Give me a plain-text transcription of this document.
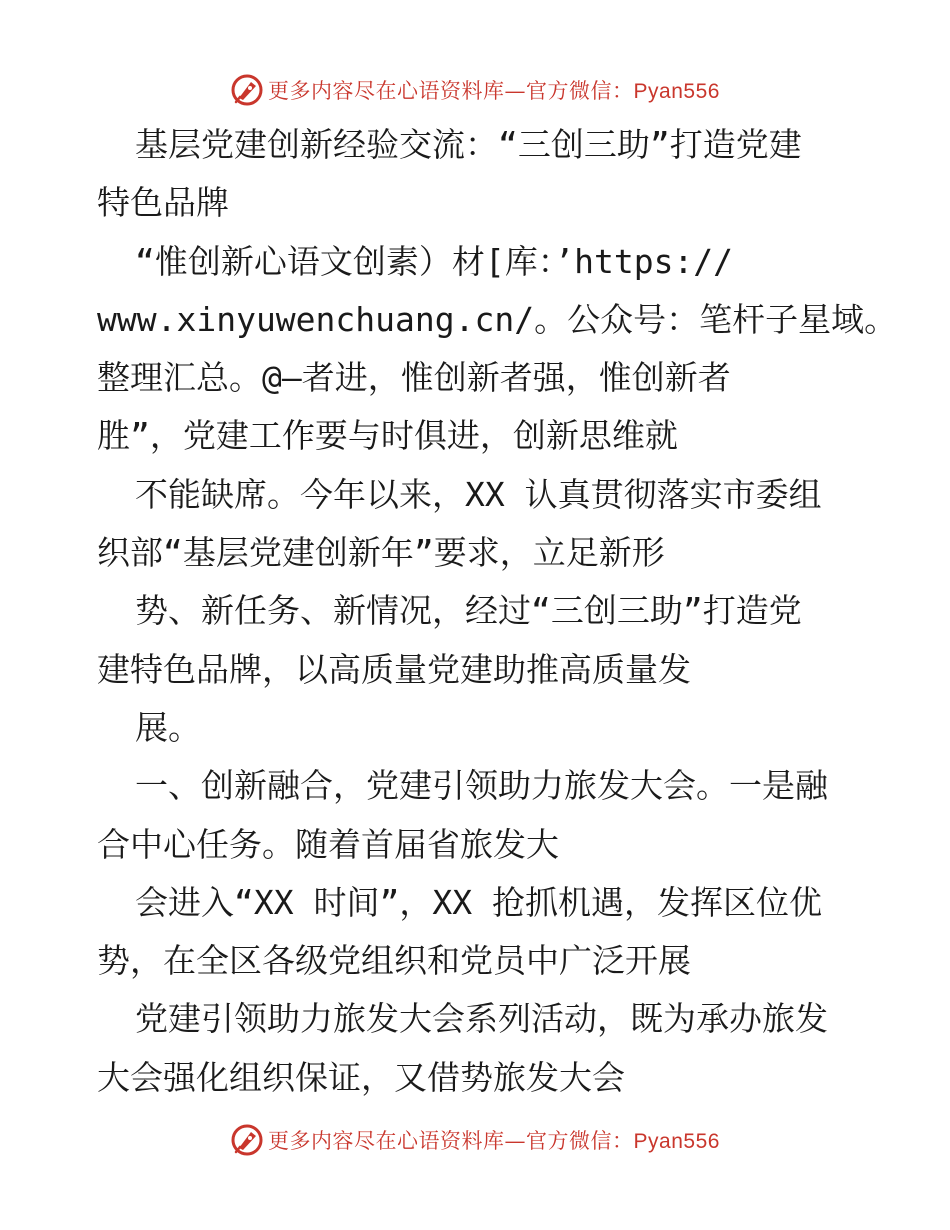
更多内容尽在心语资料库—官方微信：Pyan556
基层党建创新经验交流：“三创三助”打造党建
特色品牌
“惟创新心语文创素）材[库：’https://
www.xinyuwenchuang.cn/。公众号：笔杆子星域。
整理汇总。@—者进，惟创新者强，惟创新者
胜”，党建工作要与时俱进，创新思维就
不能缺席。今年以来，XX 认真贯彻落实市委组
织部“基层党建创新年”要求，立足新形
势、新任务、新情况，经过“三创三助”打造党
建特色品牌，以高质量党建助推高质量发
展。
一、创新融合，党建引领助力旅发大会。一是融
合中心任务。随着首届省旅发大
会进入“XX 时间”，XX 抢抓机遇，发挥区位优
势，在全区各级党组织和党员中广泛开展
党建引领助力旅发大会系列活动，既为承办旅发
大会强化组织保证，又借势旅发大会
更多内容尽在心语资料库—官方微信：Pyan556
